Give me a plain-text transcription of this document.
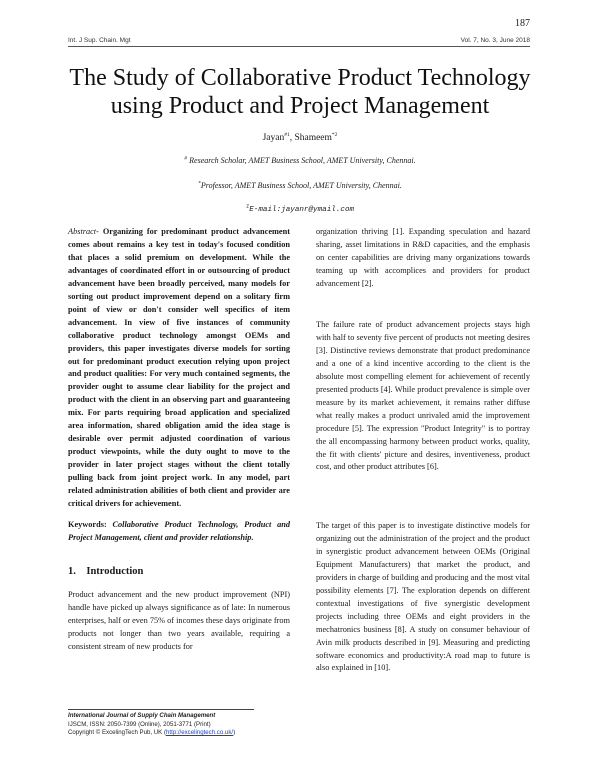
187
Int. J Sup. Chain. Mgt	Vol. 7, No. 3, June 2018
The Study of Collaborative Product Technology
using Product and Project Management
Jayan$^{\#1}$, Shameem$^{*2}$
# Research Scholar, AMET Business School, AMET University, Chennai.
*Professor, AMET Business School, AMET University, Chennai.
$^1$E-mail:jayanr@ymail.com
Abstract- Organizing for predominant product advancement comes about remains a key test in today's focused condition that places a solid premium on development. While the advantages of coordinated effort in or outsourcing of product advancement have been broadly perceived, many models for sorting out product improvement depend on a solitary firm point of view or don't consider well specifics of item advancement. In view of five instances of community collaborative product technology amongst OEMs and providers, this paper investigates diverse models for sorting out for predominant product execution relying upon project and product qualities: For very much contained segments, the provider ought to assume clear liability for the project and product with the client in an observing part and guaranteeing mix. For parts requiring broad application and specialized area information, shared obligation amid the idea stage is desirable over permit adjusted coordination of various product viewpoints, while the duty ought to move to the provider in later project stages without the client totally pulling back from joint project work. In any model, part related administration abilities of both client and provider are critical drivers for achievement.
Keywords: Collaborative Product Technology, Product and Project Management, client and provider relationship.
1. Introduction
Product advancement and the new product improvement (NPI) handle have picked up always significance as of late: In numerous enterprises, half or even 75% of incomes these days originate from products not longer than two years available, requiring a consistent stream of new products for
International Journal of Supply Chain Management
IJSCM, ISSN: 2050-7399 (Online), 2051-3771 (Print)
Copyright © ExcelingTech Pub, UK (http://excelingtech.co.uk/)
organization thriving [1]. Expanding speculation and hazard sharing, asset limitations in R&D capacities, and the emphasis on center capabilities are driving many organizations towards teaming up with accomplices and providers for product advancement [2].
The failure rate of product advancement projects stays high with half to seventy five percent of products not meeting desires [3]. Distinctive reviews demonstrate that product predominance and a one of a kind incentive according to the client is the absolute most compelling element for achievement of recently presented products [4]. While product prevalence is simple over measure by its market achievement, it remains rather diffuse what really makes a product unrivaled amid the improvement procedure [5]. The expression "Product Integrity" is to portray the all encompassing harmony between product works, quality, the fit with clients' picture and desires, inventiveness, product cost, and other product attributes [6].
The target of this paper is to investigate distinctive models for organizing out the administration of the project and the product in synergistic product advancement between OEMs (Original Equipment Manufacturers) that market the product, and providers in charge of building and producing and the most vital possibility elements [7]. The exploration depends on different contextual investigations of five synergistic development projects including three OEMs and eight providers in the mechatronics business [8]. A study on consumer behaviour of Avin milk products described in [9]. Measuring and predicting software economics and productivity:A road map to future is also explained in [10].
